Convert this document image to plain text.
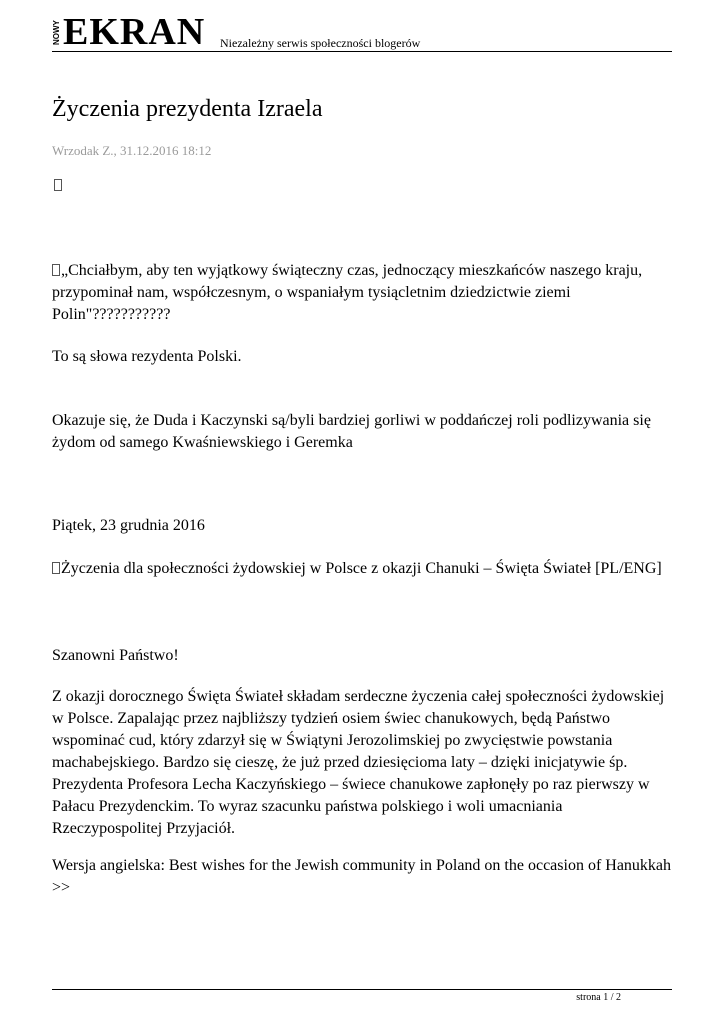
NOWY EKRAN Niezależny serwis społeczności blogerów
Życzenia prezydenta Izraela
Wrzodak Z., 31.12.2016 18:12

„Chciałbym, aby ten wyjątkowy świąteczny czas, jednoczący mieszkańców naszego kraju, przypominał nam, współczesnym, o wspaniałym tysiącletnim dziedzictwie ziemi Polin"???????????

To są słowa rezydenta Polski.

Okazuje się, że Duda i Kaczynski są/byli bardziej gorliwi w poddańczej roli podlizywania się żydom od samego Kwaśniewskiego i Geremka

Piątek, 23 grudnia 2016

Życzenia dla społeczności żydowskiej w Polsce z okazji Chanuki – Święta Świateł [PL/ENG]

Szanowni Państwo!

Z okazji dorocznego Święta Świateł składam serdeczne życzenia całej społeczności żydowskiej w Polsce. Zapalając przez najbliższy tydzień osiem świec chanukowych, będą Państwo wspominać cud, który zdarzył się w Świątyni Jerozolimskiej po zwycięstwie powstania machabejskiego. Bardzo się cieszę, że już przed dziesięcioma laty – dzięki inicjatywie śp. Prezydenta Profesora Lecha Kaczyńskiego – świece chanukowe zapłonęły po raz pierwszy w Pałacu Prezydenckim. To wyraz szacunku państwa polskiego i woli umacniania Rzeczypospolitej Przyjaciół.

Wersja angielska: Best wishes for the Jewish community in Poland on the occasion of Hanukkah >>

strona 1 / 2
